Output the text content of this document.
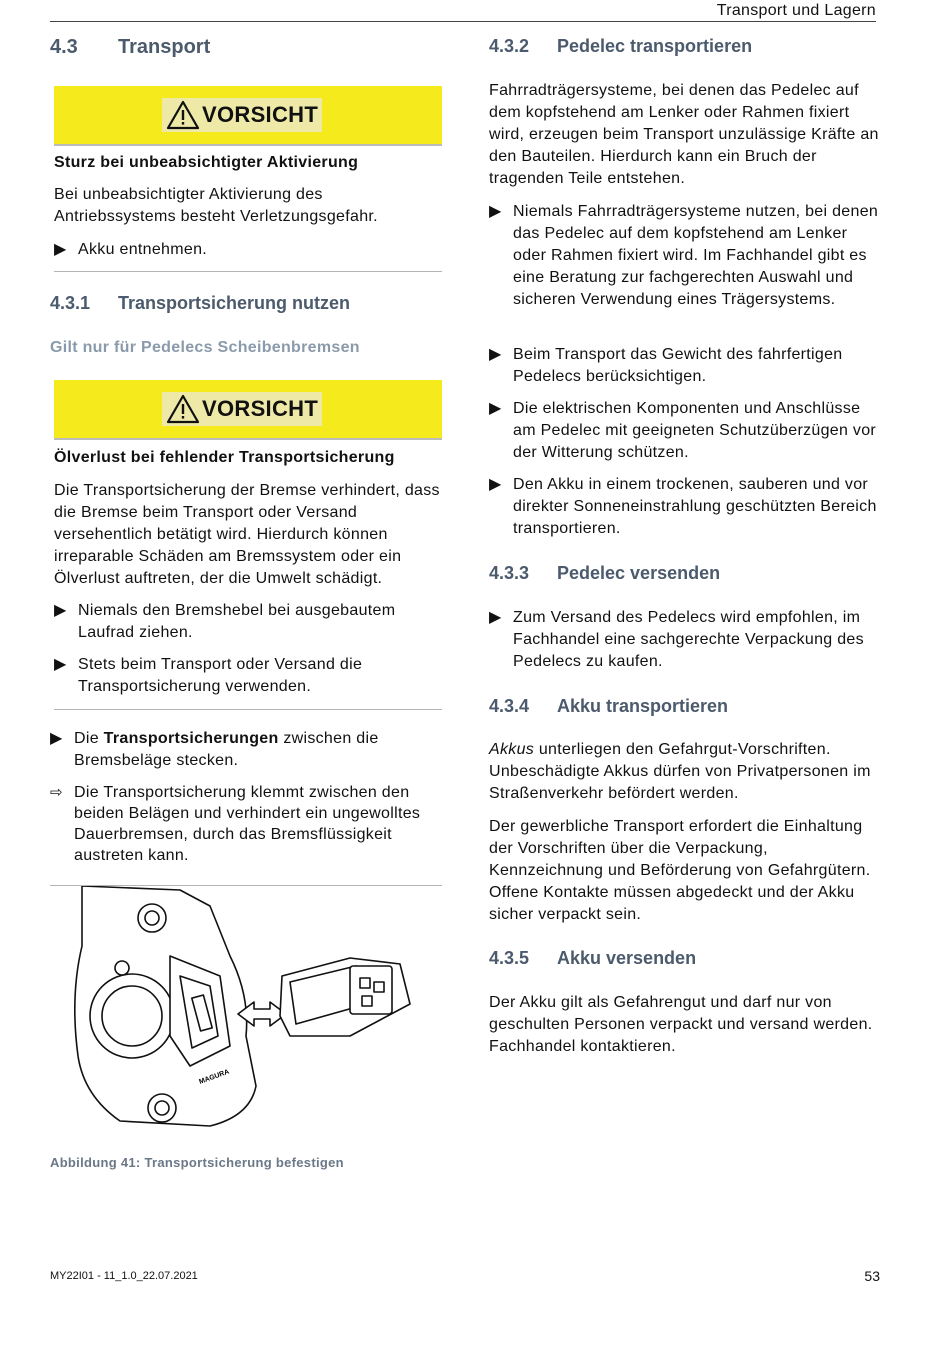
Transport und Lagern
4.3 Transport
VORSICHT
Sturz bei unbeabsichtigter Aktivierung
Bei unbeabsichtigter Aktivierung des Antriebssystems besteht Verletzungsgefahr.
▶ Akku entnehmen.
4.3.1 Transportsicherung nutzen
Gilt nur für Pedelecs Scheibenbremsen
VORSICHT
Ölverlust bei fehlender Transportsicherung
Die Transportsicherung der Bremse verhindert, dass die Bremse beim Transport oder Versand versehentlich betätigt wird. Hierdurch können irreparable Schäden am Bremssystem oder ein Ölverlust auftreten, der die Umwelt schädigt.
▶ Niemals den Bremshebel bei ausgebautem Laufrad ziehen.
▶ Stets beim Transport oder Versand die Transportsicherung verwenden.
▶ Die Transportsicherungen zwischen die Bremsbeläge stecken.
⇨ Die Transportsicherung klemmt zwischen den beiden Belägen und verhindert ein ungewolltes Dauerbremsen, durch das Bremsflüssigkeit austreten kann.
MAGURA
Abbildung 41: Transportsicherung befestigen
4.3.2 Pedelec transportieren
Fahrradträgersysteme, bei denen das Pedelec auf dem kopfstehend am Lenker oder Rahmen fixiert wird, erzeugen beim Transport unzulässige Kräfte an den Bauteilen. Hierdurch kann ein Bruch der tragenden Teile entstehen.
▶ Niemals Fahrradträgersysteme nutzen, bei denen das Pedelec auf dem kopfstehend am Lenker oder Rahmen fixiert wird. Im Fachhandel gibt es eine Beratung zur fachgerechten Auswahl und sicheren Verwendung eines Trägersystems.
▶ Beim Transport das Gewicht des fahrfertigen Pedelecs berücksichtigen.
▶ Die elektrischen Komponenten und Anschlüsse am Pedelec mit geeigneten Schutzüberzügen vor der Witterung schützen.
▶ Den Akku in einem trockenen, sauberen und vor direkter Sonneneinstrahlung geschützten Bereich transportieren.
4.3.3 Pedelec versenden
▶ Zum Versand des Pedelecs wird empfohlen, im Fachhandel eine sachgerechte Verpackung des Pedelecs zu kaufen.
4.3.4 Akku transportieren
Akkus unterliegen den Gefahrgut-Vorschriften. Unbeschädigte Akkus dürfen von Privatpersonen im Straßenverkehr befördert werden.
Der gewerbliche Transport erfordert die Einhaltung der Vorschriften über die Verpackung, Kennzeichnung und Beförderung von Gefahrgütern. Offene Kontakte müssen abgedeckt und der Akku sicher verpackt sein.
4.3.5 Akku versenden
Der Akku gilt als Gefahrengut und darf nur von geschulten Personen verpackt und versand werden. Fachhandel kontaktieren.
MY22I01 - 11_1.0_22.07.2021	53
